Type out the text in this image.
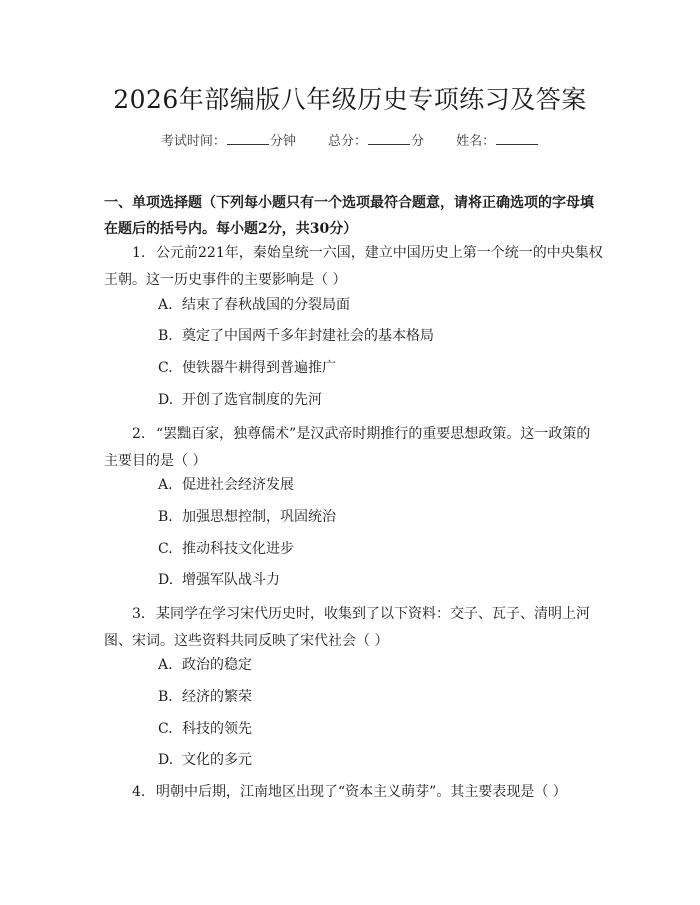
2026年部编版八年级历史专项练习及答案
考试时间：	分钟 总分：	分 姓名：
一、单项选择题（下列每小题只有一个选项最符合题意，请将正确选项的字母填在题后的括号内。每小题2分，共30分）
1. 公元前221年，秦始皇统一六国，建立中国历史上第一个统一的中央集权王朝。这一历史事件的主要影响是（ ）
A. 结束了春秋战国的分裂局面
B. 奠定了中国两千多年封建社会的基本格局
C. 使铁器牛耕得到普遍推广
D. 开创了选官制度的先河
2. “罢黜百家，独尊儒术”是汉武帝时期推行的重要思想政策。这一政策的主要目的是（ ）
A. 促进社会经济发展
B. 加强思想控制，巩固统治
C. 推动科技文化进步
D. 增强军队战斗力
3. 某同学在学习宋代历史时，收集到了以下资料：交子、瓦子、清明上河图、宋词。这些资料共同反映了宋代社会（ ）
A. 政治的稳定
B. 经济的繁荣
C. 科技的领先
D. 文化的多元
4. 明朝中后期，江南地区出现了“资本主义萌芽”。其主要表现是（ ）
